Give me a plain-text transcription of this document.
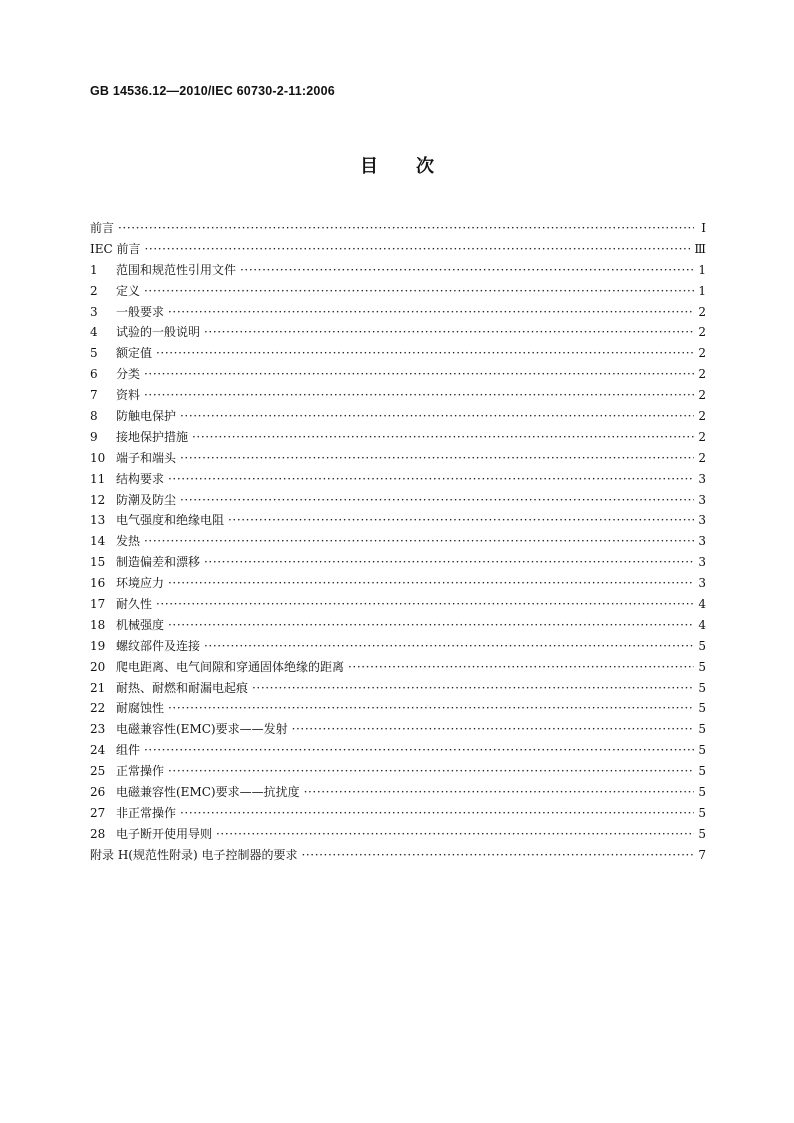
GB 14536.12—2010/IEC 60730-2-11:2006
目次
前言 ·····	Ⅰ
IEC 前言 ·····	Ⅲ
1	范围和规范性引用文件 ·····	1
2	定义 ·····	1
3	一般要求 ·····	2
4	试验的一般说明 ·····	2
5	额定值 ·····	2
6	分类 ·····	2
7	资料 ·····	2
8	防触电保护 ·····	2
9	接地保护措施 ·····	2
10 端子和端头 ·····	2
11 结构要求 ·····	3
12 防潮及防尘 ·····	3
13 电气强度和绝缘电阻 ·····	3
14 发热 ·····	3
15 制造偏差和漂移 ·····	3
16 环境应力 ·····	3
17 耐久性 ·····	4
18 机械强度 ·····	4
19 螺纹部件及连接 ·····	5
20 爬电距离、电气间隙和穿通固体绝缘的距离 ·····	5
21 耐热、耐燃和耐漏电起痕 ·····	5
22 耐腐蚀性 ·····	5
23 电磁兼容性(EMC)要求——发射 ·····	5
24 组件 ·····	5
25 正常操作 ·····	5
26 电磁兼容性(EMC)要求——抗扰度 ·····	5
27 非正常操作 ·····	5
28 电子断开使用导则 ·····	5
附录 H(规范性附录) 电子控制器的要求 ·····	7
